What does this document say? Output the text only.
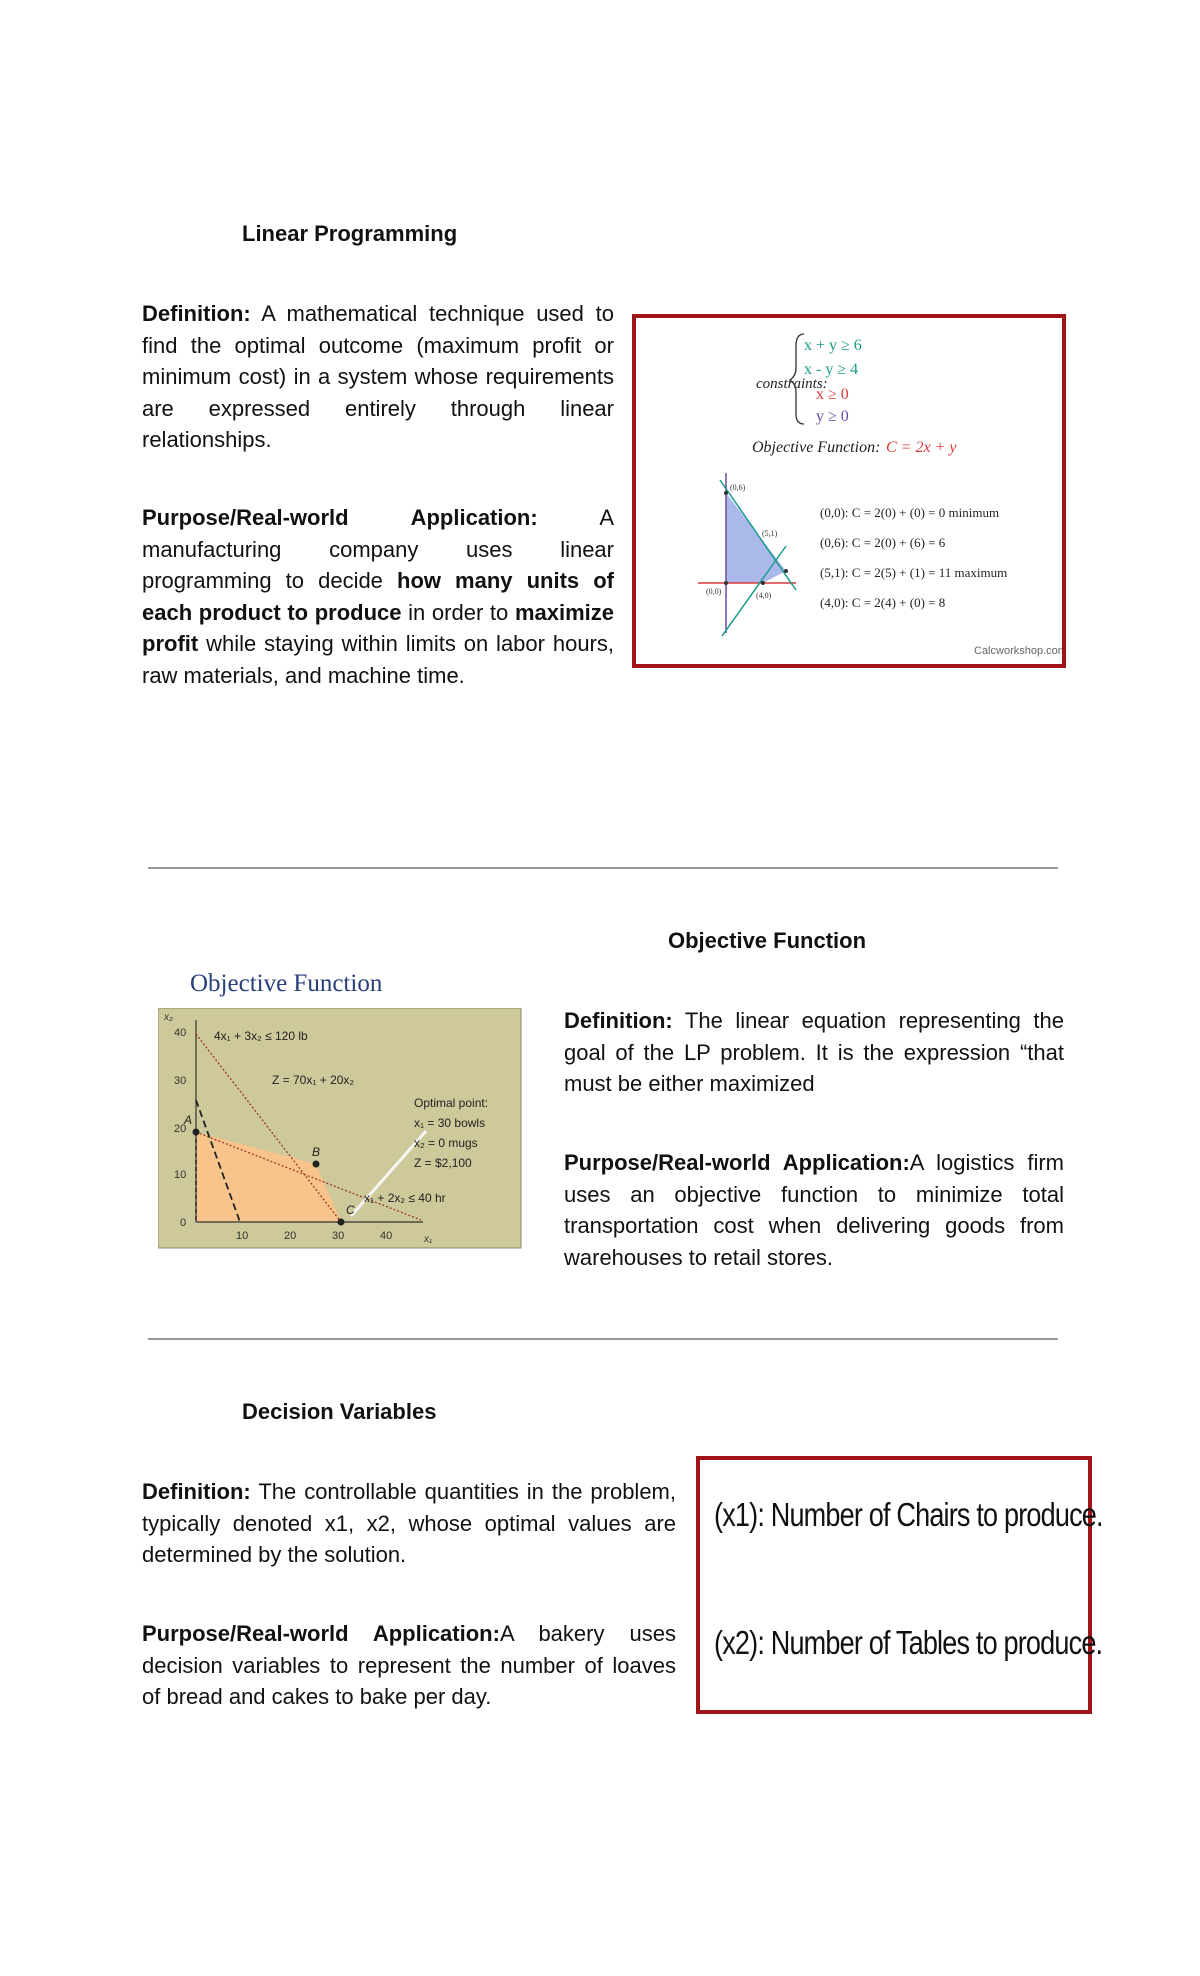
Linear Programming
Definition: A mathematical technique used to find the optimal outcome (maximum profit or minimum cost) in a system whose requirements are expressed entirely through linear relationships.
Purpose/Real-world Application:	A manufacturing company uses linear programming to decide how many units of each product to produce in order to maximize profit while staying within limits on labor hours, raw materials, and machine time.
constraints:
x + y ≥ 6
x - y ≥ 4
x ≥ 0
y ≥ 0
Objective Function: C = 2x + y
(0,6)
(5,1)
(0,0)	(4,0)
(0,0): C = 2(0) + (0) = 0 minimum
(0,6): C = 2(0) + (6) = 6
(5,1): C = 2(5) + (1) = 11 maximum
(4,0): C = 2(4) + (0) = 8
Calcworkshop.com
Objective Function
Definition: The linear equation representing the goal of the LP problem. It is the expression “that must be either maximized
Purpose/Real-world Application:A logistics firm uses an objective function to minimize total transportation cost when delivering goods from warehouses to retail stores.
Objective Function
x₂
40
30
20
10
0
10	20	30	40	x₁
4x₁ + 3x₂ ≤ 120 lb
Z = 70x₁ + 20x₂
Optimal point:
x₁ = 30 bowls
x₂ = 0 mugs
Z = $2,100
x₁ + 2x₂ ≤ 40 hr
A
B
C
Decision Variables
Definition: The controllable quantities in the problem, typically denoted x1, x2, whose optimal values are determined by the solution.
Purpose/Real-world Application:A bakery uses decision variables to represent the number of loaves of bread and cakes to bake per day.
(x1): Number of Chairs to produce.
(x2): Number of Tables to produce.
